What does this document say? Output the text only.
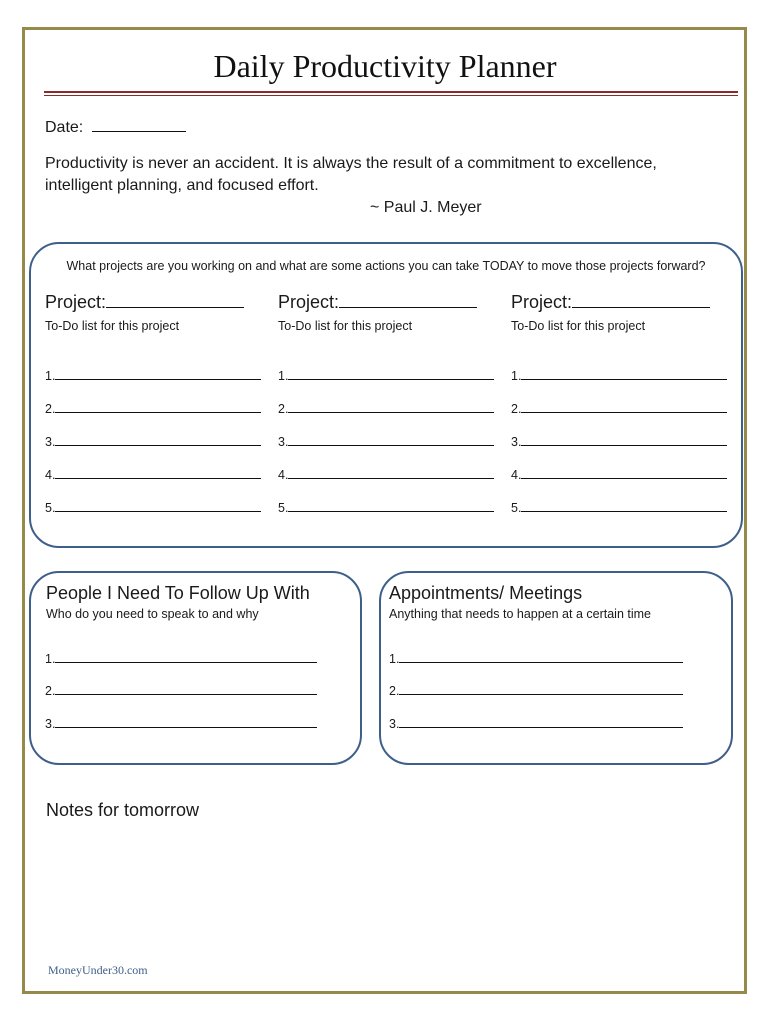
Daily Productivity Planner
Date:
Productivity is never an accident. It is always the result of a commitment to excellence, intelligent planning, and focused effort.
~ Paul J. Meyer
What projects are you working on and what are some actions you can take TODAY to move those projects forward?
Project:
To-Do list for this project
1.
2.
3.
4.
5.
Project:
To-Do list for this project
1.
2.
3.
4.
5.
Project:
To-Do list for this project
1.
2.
3.
4.
5.
People I Need To Follow Up With
Who do you need to speak to and why
1.
2.
3.
Appointments/ Meetings
Anything that needs to happen at a certain time
1.
2.
3.
Notes for tomorrow
MoneyUnder30.com
